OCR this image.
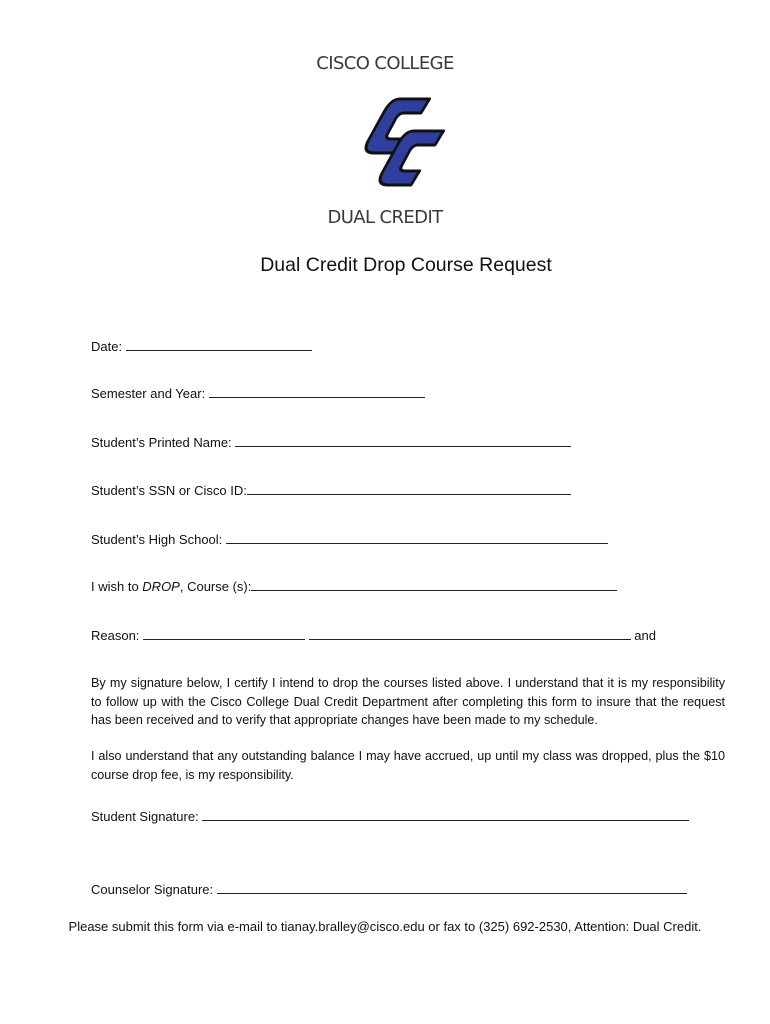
CISCO COLLEGE
DUAL CREDIT
Dual Credit Drop Course Request
Date:
Semester and Year:
Student’s Printed Name:
Student’s SSN or Cisco ID:
Student’s High School:
I wish to DROP, Course (s):
Reason:	and

By my signature below, I certify I intend to drop the courses listed above. I understand that it is my responsibility to follow up with the Cisco College Dual Credit Department after completing this form to insure that the request has been received and to verify that appropriate changes have been made to my schedule.

I also understand that any outstanding balance I may have accrued, up until my class was dropped, plus the $10 course drop fee, is my responsibility.

Student Signature:
Counselor Signature:
Please submit this form via e-mail to tianay.bralley@cisco.edu or fax to (325) 692-2530, Attention: Dual Credit.
